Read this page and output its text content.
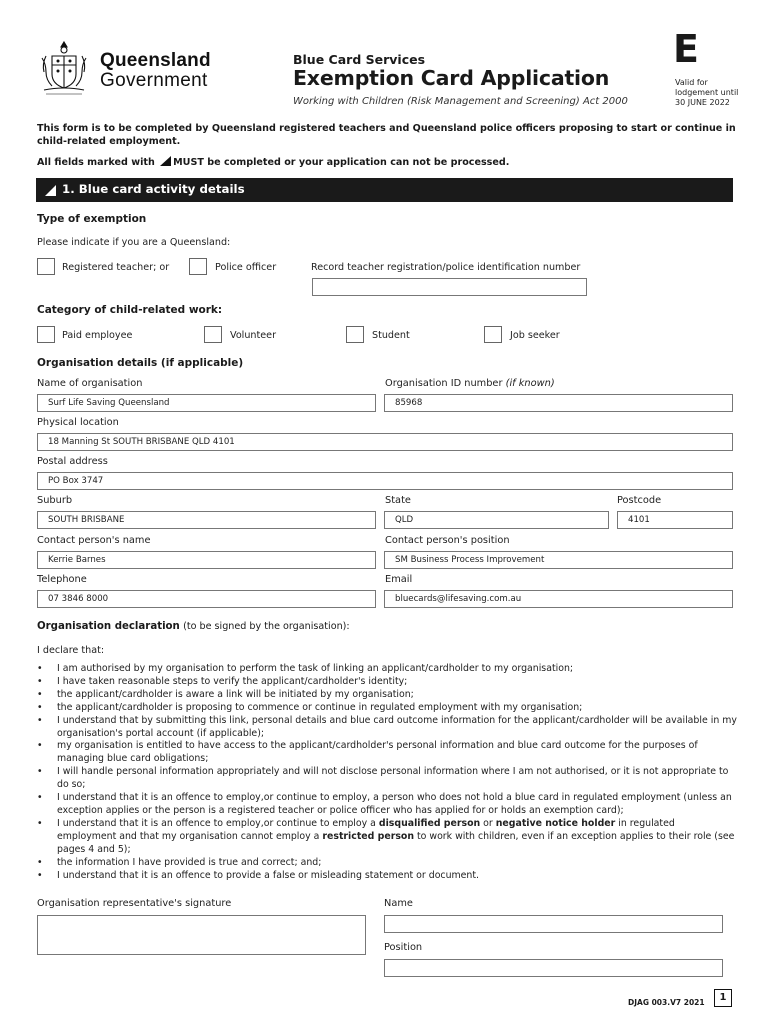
Queensland
Government
Blue Card Services
Exemption Card Application
Working with Children (Risk Management and Screening) Act 2000
E
Valid for
lodgement until
30 JUNE 2022
This form is to be completed by Queensland registered teachers and Queensland police officers proposing to start or continue in child-related employment.
All fields marked with MUST be completed or your application can not be processed.
1. Blue card activity details
Type of exemption
Please indicate if you are a Queensland:
Registered teacher; or	Police officer	Record teacher registration/police identification number
Category of child-related work:
Paid employee	Volunteer	Student	Job seeker
Organisation details (if applicable)
Name of organisation	Organisation ID number (if known)
Surf Life Saving Queensland	85968
Physical location
18 Manning St SOUTH BRISBANE QLD 4101
Postal address
PO Box 3747
Suburb	State	Postcode
SOUTH BRISBANE	QLD	4101
Contact person's name	Contact person's position
Kerrie Barnes	SM Business Process Improvement
Telephone	Email
07 3846 8000	bluecards@lifesaving.com.au
Organisation declaration (to be signed by the organisation):
I declare that:
• I am authorised by my organisation to perform the task of linking an applicant/cardholder to my organisation;
• I have taken reasonable steps to verify the applicant/cardholder's identity;
• the applicant/cardholder is aware a link will be initiated by my organisation;
• the applicant/cardholder is proposing to commence or continue in regulated employment with my organisation;
• I understand that by submitting this link, personal details and blue card outcome information for the applicant/cardholder will be available in my organisation's portal account (if applicable);
• my organisation is entitled to have access to the applicant/cardholder's personal information and blue card outcome for the purposes of managing blue card obligations;
• I will handle personal information appropriately and will not disclose personal information where I am not authorised, or it is not appropriate to do so;
• I understand that it is an offence to employ,or continue to employ, a person who does not hold a blue card in regulated employment (unless an exception applies or the person is a registered teacher or police officer who has applied for or holds an exemption card);
• I understand that it is an offence to employ,or continue to employ a disqualified person or negative notice holder in regulated employment and that my organisation cannot employ a restricted person to work with children, even if an exception applies to their role (see pages 4 and 5);
• the information I have provided is true and correct; and;
• I understand that it is an offence to provide a false or misleading statement or document.
Organisation representative's signature	Name
Position
DJAG 003.V7 2021	1
